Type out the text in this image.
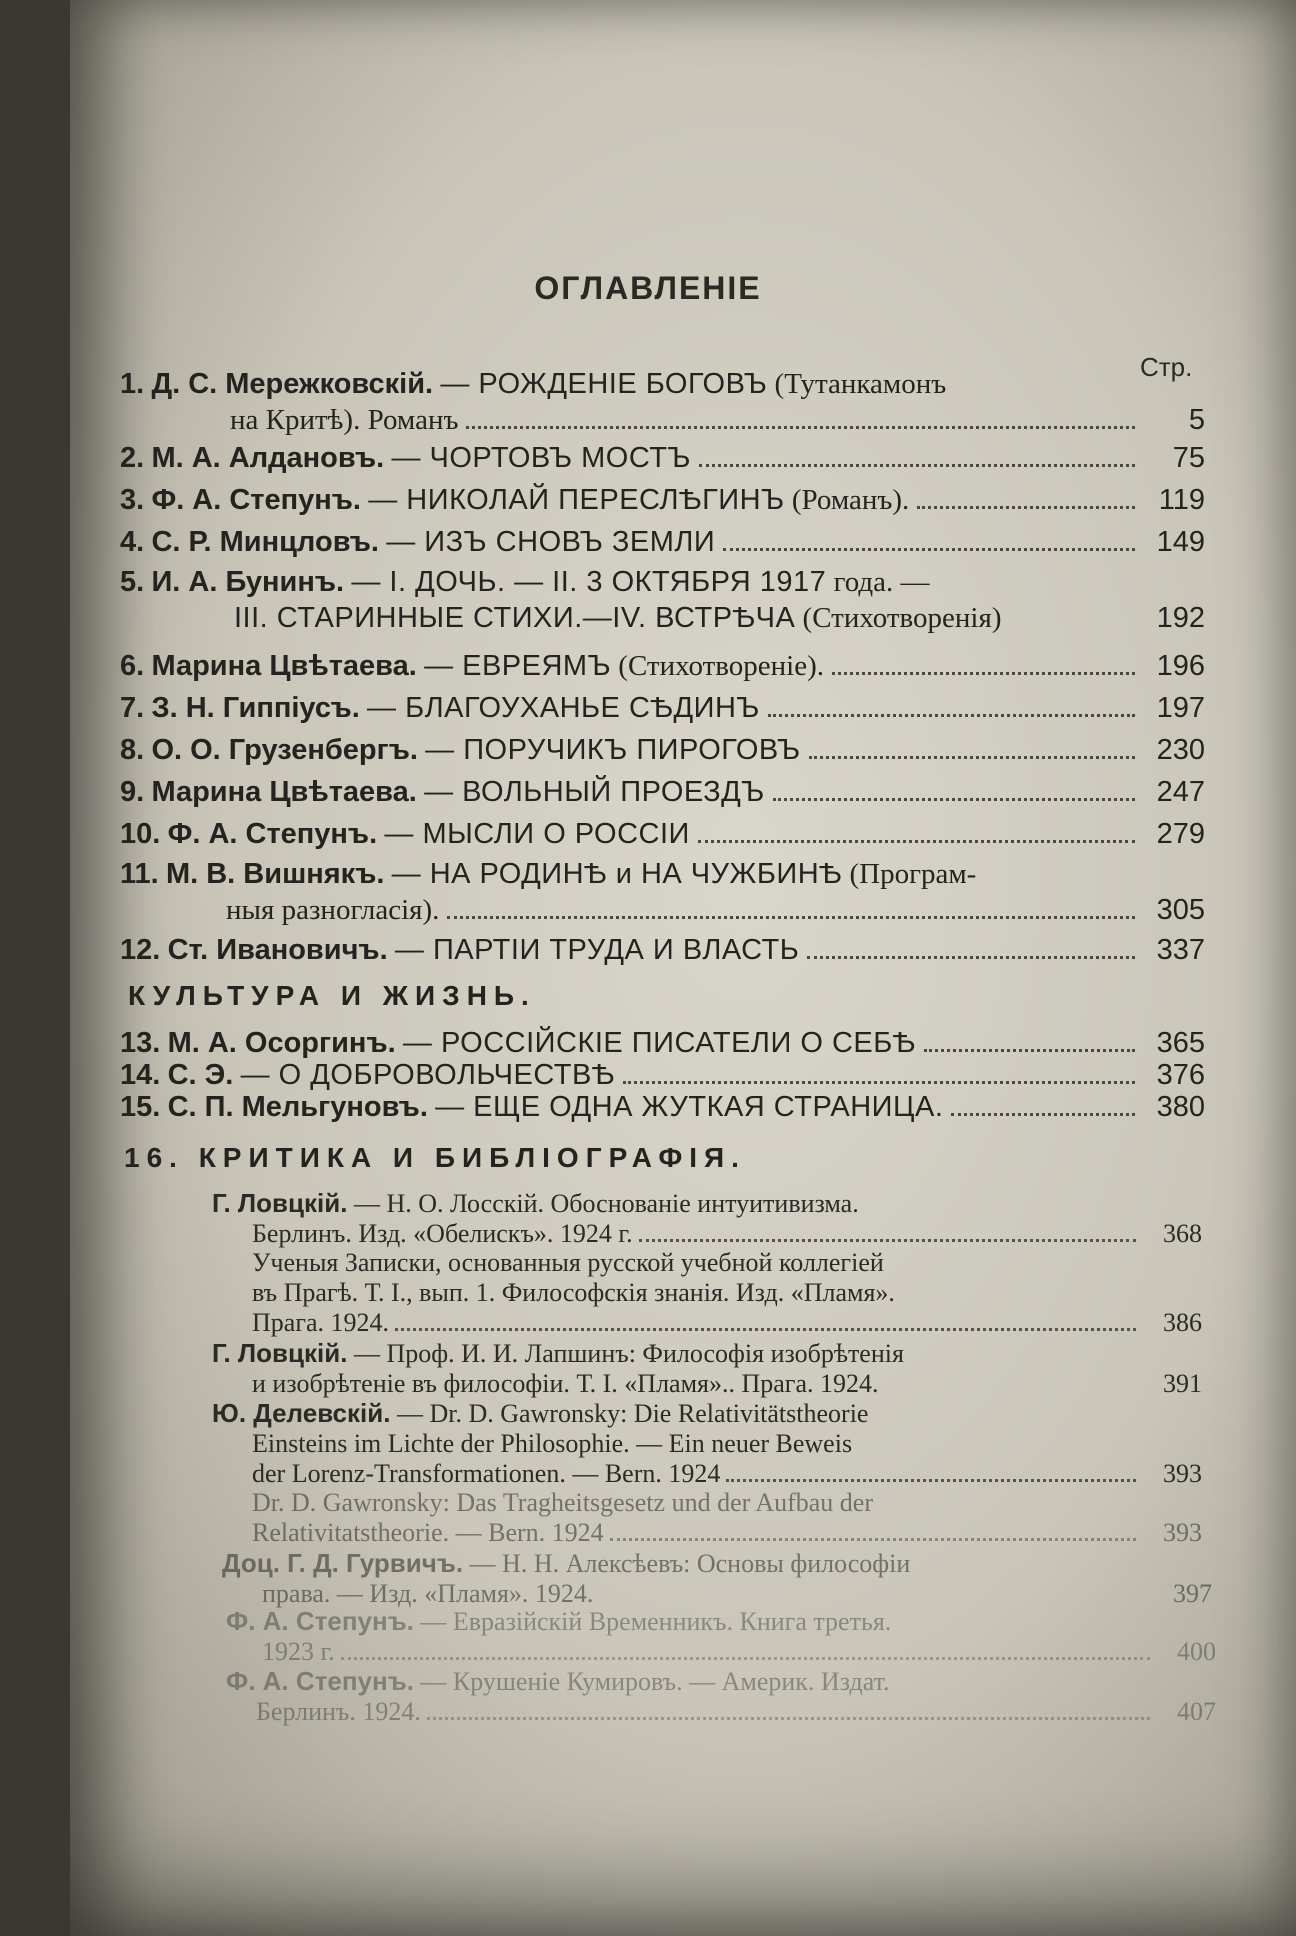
ОГЛАВЛЕНІЕ
Стр.
1. Д. С. Мережковскій. — РОЖДЕНІЕ БОГОВЪ (Тутанкамонъ
на Критѣ). Романъ	5
2. М. А. Алдановъ. — ЧОРТОВЪ МОСТЪ	75
3. Ф. А. Степунъ. — НИКОЛАЙ ПЕРЕСЛѢГИНЪ (Романъ).	119
4. С. Р. Минцловъ. — ИЗЪ СНОВЪ ЗЕМЛИ	149
5. И. А. Бунинъ. — I. ДОЧЬ. — II. 3 ОКТЯБРЯ 1917 года. —
III. СТАРИННЫЕ СТИХИ.—IV. ВСТРѢЧА (Стихотворенія)	192
6. Марина Цвѣтаева. — ЕВРЕЯМЪ (Стихотвореніе).	196
7. З. Н. Гиппіусъ. — БЛАГОУХАНЬЕ СѢДИНЪ	197
8. О. О. Грузенбергъ. — ПОРУЧИКЪ ПИРОГОВЪ	230
9. Марина Цвѣтаева. — ВОЛЬНЫЙ ПРОЕЗДЪ	247
10. Ф. А. Степунъ. — МЫСЛИ О РОССІИ	279
11. М. В. Вишнякъ. — НА РОДИНѢ и НА ЧУЖБИНѢ (Програм-
ныя разногласія).	305
12. Ст. Ивановичъ. — ПАРТІИ ТРУДА И ВЛАСТЬ	337
КУЛЬТУРА И ЖИЗНЬ.
13. М. А. Осоргинъ. — РОССІЙСКІЕ ПИСАТЕЛИ О СЕБѢ	365
14. С. Э. — О ДОБРОВОЛЬЧЕСТВѢ	376
15. С. П. Мельгуновъ. — ЕЩЕ ОДНА ЖУТКАЯ СТРАНИЦА.	380
16. КРИТИКА И БИБЛІОГРАФІЯ.
Г. Ловцкій. — Н. О. Лосскій. Обоснованіе интуитивизма.
Берлинъ. Изд. «Обелискъ». 1924 г.	368
Ученыя Записки, основанныя русской учебной коллегіей
въ Прагѣ. Т. I., вып. 1. Философскія знанія. Изд. «Пламя».
Прага. 1924.	386
Г. Ловцкій. — Проф. И. И. Лапшинъ: Философія изобрѣтенія
и изобрѣтеніе въ философіи. Т. I. «Пламя».. Прага. 1924.	391
Ю. Делевскій. — Dr. D. Gawronsky: Die Relativitätstheorie
Einsteins im Lichte der Philosophie. — Ein neuer Beweis
der Lorenz-Transformationen. — Bern. 1924	393
Dr. D. Gawronsky: Das Tragheitsgesetz und der Aufbau der
Relativitatstheorie. — Bern. 1924	393
Доц. Г. Д. Гурвичъ. — Н. Н. Алексѣевъ: Основы философіи
права. — Изд. «Пламя». 1924.	397
Ф. А. Степунъ. — Евразійскій Временникъ. Книга третья.
1923 г.	400
Ф. А. Степунъ. — Крушеніе Кумировъ. — Америк. Издат.
Берлинъ. 1924.	407
